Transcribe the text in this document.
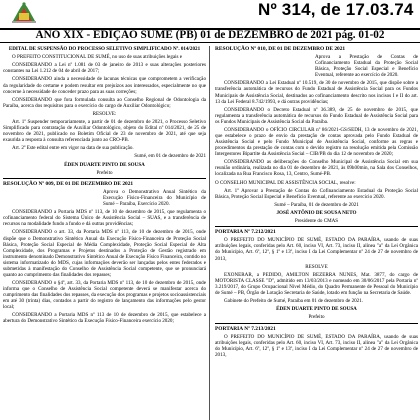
Nº 314, de 17.03.74
ANO XIX - EDIÇÃO SUMÉ (PB) 01 de DEZEMBRO de 2021 pág. 01-02

EDITAL DE SUSPENSÃO DO PROCESSO SELETIVO SIMPLIFICADO Nº. 014/2021

O PREFEITO CONSTITUCIONAL DE SUMÉ, no uso de suas atribuições legais e

CONSIDERANDO a Lei nº 1.081 de 03 de janeiro de 2013 e suas alterações posteriores constantes na Lei 1.212 de 04 de abril de 2017;

CONSIDERANDO ainda a necessidade de lacunas técnicas que comprometem a verificação da regularidade do certame e podem resultar em prejuízos aos interessados, especialmente no que concerne à necessidade de conceder prazo para as suas correções;

CONSIDERANDO que fora formulada consulta ao Conselho Regional de Odontologia da Paraíba, acerca dos requisitos para o exercício do cargo de Auxiliar Odontológico;

RESOLVE:

Art. 1º Suspender temporariamente, a partir de 01 de dezembro de 2021, o Processo Seletivo Simplificado para contratação de Auxiliar Odontológico, objeto do Edital nº 014/2021, de 25 de novembro de 2021, publicado no Boletim Oficial de 23 de novembro de 2021, até que seja exaurida a resposta à consulta referenciada junto ao CRO-PB.

Art. 2º Este edital entre em vigor na data de sua publicação.

Sumé, em 01 de dezembro de 2021

ÉDEN DUARTE PINTO DE SOUSA

Prefeito

RESOLUÇÃO Nº 009, DE 01 DE DEZEMBRO DE 2021

Aprova o Demonstrativo Anual Sintético da Execução Físico-Financeira do Município de Sumé – Paraíba, Exercício 2020.

CONSIDERANDO a Portaria MDS nº 113, de 10 de dezembro de 2015, que regulamenta o cofinanciamento federal do Sistema Único de Assistência Social – SUAS, e a transferência de recursos na modalidade fundo a fundo e dá outras providências;

CONSIDERANDO o art. 33, da Portaria MDS nº 113, de 10 de dezembro de 2015, onde dispõe que o Demonstrativo Sintético Anual da Execução Físico-Financeira de Proteção Social Básica, Proteção Social Especial de Média Complexidade, Proteção Social Especial de Alta Complexidade, dos Programas e Projetos destinados a Proteção de Gestão registrado em instrumento denominado Demonstrativo Sintético Anual de Execução Físico Financeira, contido no sistema informatizado do MDS, cujas informações deverão ser lançadas pelos entes federados e submetidas à manifestação do Conselho de Assistência Social competente, que se pronunciará quanto ao cumprimento das finalidades dos repasses;

CONSIDERANDO o §4º, art. 33, da Portaria MDS nº 113, de 10 de dezembro de 2015, onde informa que o Conselho de Assistência Social competente deverá se manifestar acerca do cumprimento das finalidades dos repasses, da execução dos programas e projetos socioassistenciais em até 30 (trinta) dias, contados a partir do registro de lançamento das informações pelo gestor local;

CONSIDERANDO a Portaria MDS nº 113 de 10 de dezembro de 2015, que estabelece a abertura do Demonstrativo Sintético da Execução Físico-Financeira exercício 2020;

RESOLUÇÃO Nº 010, DE 01 DE DEZEMBRO DE 2021

Aprova a Prestação de Contas de Cofinanciamento Estadual da Proteção Social Básica, Proteção Social Especial e Benefício Eventual, referente ao exercício de 2020.

CONSIDERANDO a Lei Estadual nº 10.519, de 30 de novembro de 2015, que dispõe sobre a transferência automática de recursos do Fundo Estadual de Assistência Social para os Fundos Municipais de Assistência Social, destinados ao cofinanciamento descrito nos incisos I e II do art. 13 da Lei Federal 8.742/1993, e dá outras providências;

CONSIDERANDO o Decreto Estadual nº 36.389, de 25 de novembro de 2015, que regulamenta a transferência automática de recursos do Fundo Estadual de Assistência Social para os Fundos Municipais de Assistência Social da Paraíba.

CONSIDERANDO o OFÍCIO CIRCULAR nº 86/2021-GS/SEDH, 13 de novembro de 2021, que estabelece o prazo de envio da prestação de contas aprovada pelo Fundo Estadual de Assistência Social e pelo Fundo Municipal de Assistência Social, conforme as regras e procedimentos da prestação de contas com o devido registro na resolução emitida pela Comissão Intergestores Bipartite da Assistência Social – CIB/PB do dia 12 de novembro de 2020;

CONSIDERANDO as deliberações do Conselho Municipal de Assistência Social em sua reunião ordinária, realizada no dia 01 de dezembro de 2021, às 09h00min, na Sala dos Conselhos, localizada na Rua Francisco Rosa, 13, Centro, Sumé-PB.

O CONSELHO MUNICIPAL DE ASSISTÊNCIA SOCIAL, resolve:

Art. 1º Aprovar a Prestação de Contas do Cofinanciamento Estadual da Proteção Social Básica, Proteção Social Especial e Benefício Eventual, referente ao exercício 2020.

Sumé – Paraíba, 01 de dezembro de 2021

JOSÉ ANTÔNIO DE SOUSA NETO

Presidente do CMAS

PORTARIA Nº 7.212/2021

O PREFEITO DO MUNICÍPIO DE SUMÉ, ESTADO DA PARAÍBA, usando de suas atribuições legais, conferidas pelo Art. 60, inciso VI, Art. 73, inciso II, alínea "a" da Lei Orgânica do Município, Art. 6º, 12º, § 1º e 13º, inciso I da Lei Complementar nº 24 de 27 de novembro de 2013,

RESOLVE

EXONERAR, a PEDIDO, AMILTON BEZERRA NUNES, Mat. 3877, do cargo de MOTORISTA CLASSE "D", admitido em 13/03/2013 e nomeado em 30/06/2017 pela Portaria nº 3.219/2017, do Grupo Ocupacional Nível Médio, do Quadro Permanente de Pessoal do Município de Sumé – PB, Órgão de Lotação Secretaria de Saúde, lotado em função na Secretaria de Saúde.

Gabinete do Prefeito de Sumé, Paraíba em 01 de dezembro de 2021.

ÉDEN DUARTE PINTO DE SOUSA

Prefeito

PORTARIA Nº 7.213/2021

O PREFEITO DO MUNICÍPIO DE SUMÉ, ESTADO DA PARAÍBA, usando de suas atribuições legais, conferidas pelo Art. 60, inciso VI, Art. 73, inciso II, alínea "a" da Lei Orgânica do Município, Art. 6º, 12º, § 1º e 13º, inciso I da Lei Complementar nº 24 de 27 de novembro de 2013,
